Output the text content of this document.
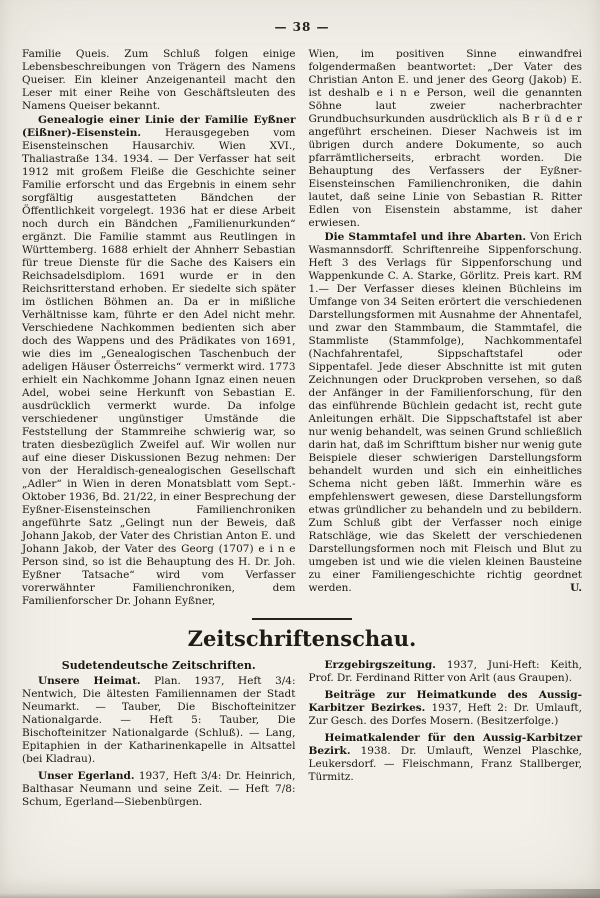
— 38 —

Familie Queis. Zum Schluß folgen einige Lebensbeschreibungen von Trägern des Namens Queiser. Ein kleiner Anzeigenanteil macht den Leser mit einer Reihe von Geschäftsleuten des Namens Queiser bekannt.

Genealogie einer Linie der Familie Eyßner (Eißner)-Eisenstein. Herausgegeben vom Eisensteinschen Hausarchiv. Wien XVI., Thaliastraße 134. 1934. — Der Verfasser hat seit 1912 mit großem Fleiße die Geschichte seiner Familie erforscht und das Ergebnis in einem sehr sorgfältig ausgestatteten Bändchen der Öffentlichkeit vorgelegt. 1936 hat er diese Arbeit noch durch ein Bändchen „Familienurkunden“ ergänzt. Die Familie stammt aus Reutlingen in Württemberg. 1688 erhielt der Ahnherr Sebastian für treue Dienste für die Sache des Kaisers ein Reichsadelsdiplom. 1691 wurde er in den Reichsritterstand erhoben. Er siedelte sich später im östlichen Böhmen an. Da er in mißliche Verhältnisse kam, führte er den Adel nicht mehr. Verschiedene Nachkommen bedienten sich aber doch des Wappens und des Prädikates von 1691, wie dies im „Genealogischen Taschenbuch der adeligen Häuser Österreichs“ vermerkt wird. 1773 erhielt ein Nachkomme Johann Ignaz einen neuen Adel, wobei seine Herkunft von Sebastian E. ausdrücklich vermerkt wurde. Da infolge verschiedener ungünstiger Umstände die Feststellung der Stammreihe schwierig war, so traten diesbezüglich Zweifel auf. Wir wollen nur auf eine dieser Diskussionen Bezug nehmen: Der von der Heraldisch-genealogischen Gesellschaft „Adler“ in Wien in deren Monatsblatt vom Sept.-Oktober 1936, Bd. 21/22, in einer Besprechung der Eyßner-Eisensteinschen Familienchroniken angeführte Satz „Gelingt nun der Beweis, daß Johann Jakob, der Vater des Christian Anton E. und Johann Jakob, der Vater des Georg (1707) e i n e Person sind, so ist die Behauptung des H. Dr. Joh. Eyßner Tatsache“ wird vom Verfasser vorerwähnter Familienchroniken, dem Familienforscher Dr. Johann Eyßner,

Wien, im positiven Sinne einwandfrei folgendermaßen beantwortet: „Der Vater des Christian Anton E. und jener des Georg (Jakob) E. ist deshalb e i n e Person, weil die genannten Söhne laut zweier nacherbrachter Grundbuchsurkunden ausdrücklich als B r ü d e r angeführt erscheinen. Dieser Nachweis ist im übrigen durch andere Dokumente, so auch pfarrämtlicherseits, erbracht worden. Die Behauptung des Verfassers der Eyßner-Eisensteinschen Familienchroniken, die dahin lautet, daß seine Linie von Sebastian R. Ritter Edlen von Eisenstein abstamme, ist daher erwiesen.

Die Stammtafel und ihre Abarten. Von Erich Wasmannsdorff. Schriftenreihe Sippenforschung. Heft 3 des Verlags für Sippenforschung und Wappenkunde C. A. Starke, Görlitz. Preis kart. RM 1.— Der Verfasser dieses kleinen Büchleins im Umfange von 34 Seiten erörtert die verschiedenen Darstellungsformen mit Ausnahme der Ahnentafel, und zwar den Stammbaum, die Stammtafel, die Stammliste (Stammfolge), Nachkommentafel (Nachfahrentafel, Sippschaftstafel oder Sippentafel. Jede dieser Abschnitte ist mit guten Zeichnungen oder Druckproben versehen, so daß der Anfänger in der Familienforschung, für den das einführende Büchlein gedacht ist, recht gute Anleitungen erhält. Die Sippschaftstafel ist aber nur wenig behandelt, was seinen Grund schließlich darin hat, daß im Schrifttum bisher nur wenig gute Beispiele dieser schwierigen Darstellungsform behandelt wurden und sich ein einheitliches Schema nicht geben läßt. Immerhin wäre es empfehlenswert gewesen, diese Darstellungsform etwas gründlicher zu behandeln und zu bebildern. Zum Schluß gibt der Verfasser noch einige Ratschläge, wie das Skelett der verschiedenen Darstellungsformen noch mit Fleisch und Blut zu umgeben ist und wie die vielen kleinen Bausteine zu einer Familiengeschichte richtig geordnet werden.	U.

Zeitschriftenschau.
Sudetendeutsche Zeitschriften.

Unsere Heimat. Plan. 1937, Heft 3/4: Nentwich, Die ältesten Familiennamen der Stadt Neumarkt. — Tauber, Die Bischofteinitzer Nationalgarde. — Heft 5: Tauber, Die Bischofteinitzer Nationalgarde (Schluß). — Lang, Epitaphien in der Katharinenkapelle in Altsattel (bei Kladrau).

Unser Egerland. 1937, Heft 3/4: Dr. Heinrich, Balthasar Neumann und seine Zeit. — Heft 7/8: Schum, Egerland—Siebenbürgen.

Erzgebirgszeitung. 1937, Juni-Heft: Keith, Prof. Dr. Ferdinand Ritter von Arlt (aus Graupen).

Beiträge zur Heimatkunde des Aussig-Karbitzer Bezirkes. 1937, Heft 2: Dr. Umlauft, Zur Gesch. des Dorfes Mosern. (Besitzerfolge.)

Heimatkalender für den Aussig-Karbitzer Bezirk. 1938. Dr. Umlauft, Wenzel Plaschke, Leukersdorf. — Fleischmann, Franz Stallberger, Türmitz.
